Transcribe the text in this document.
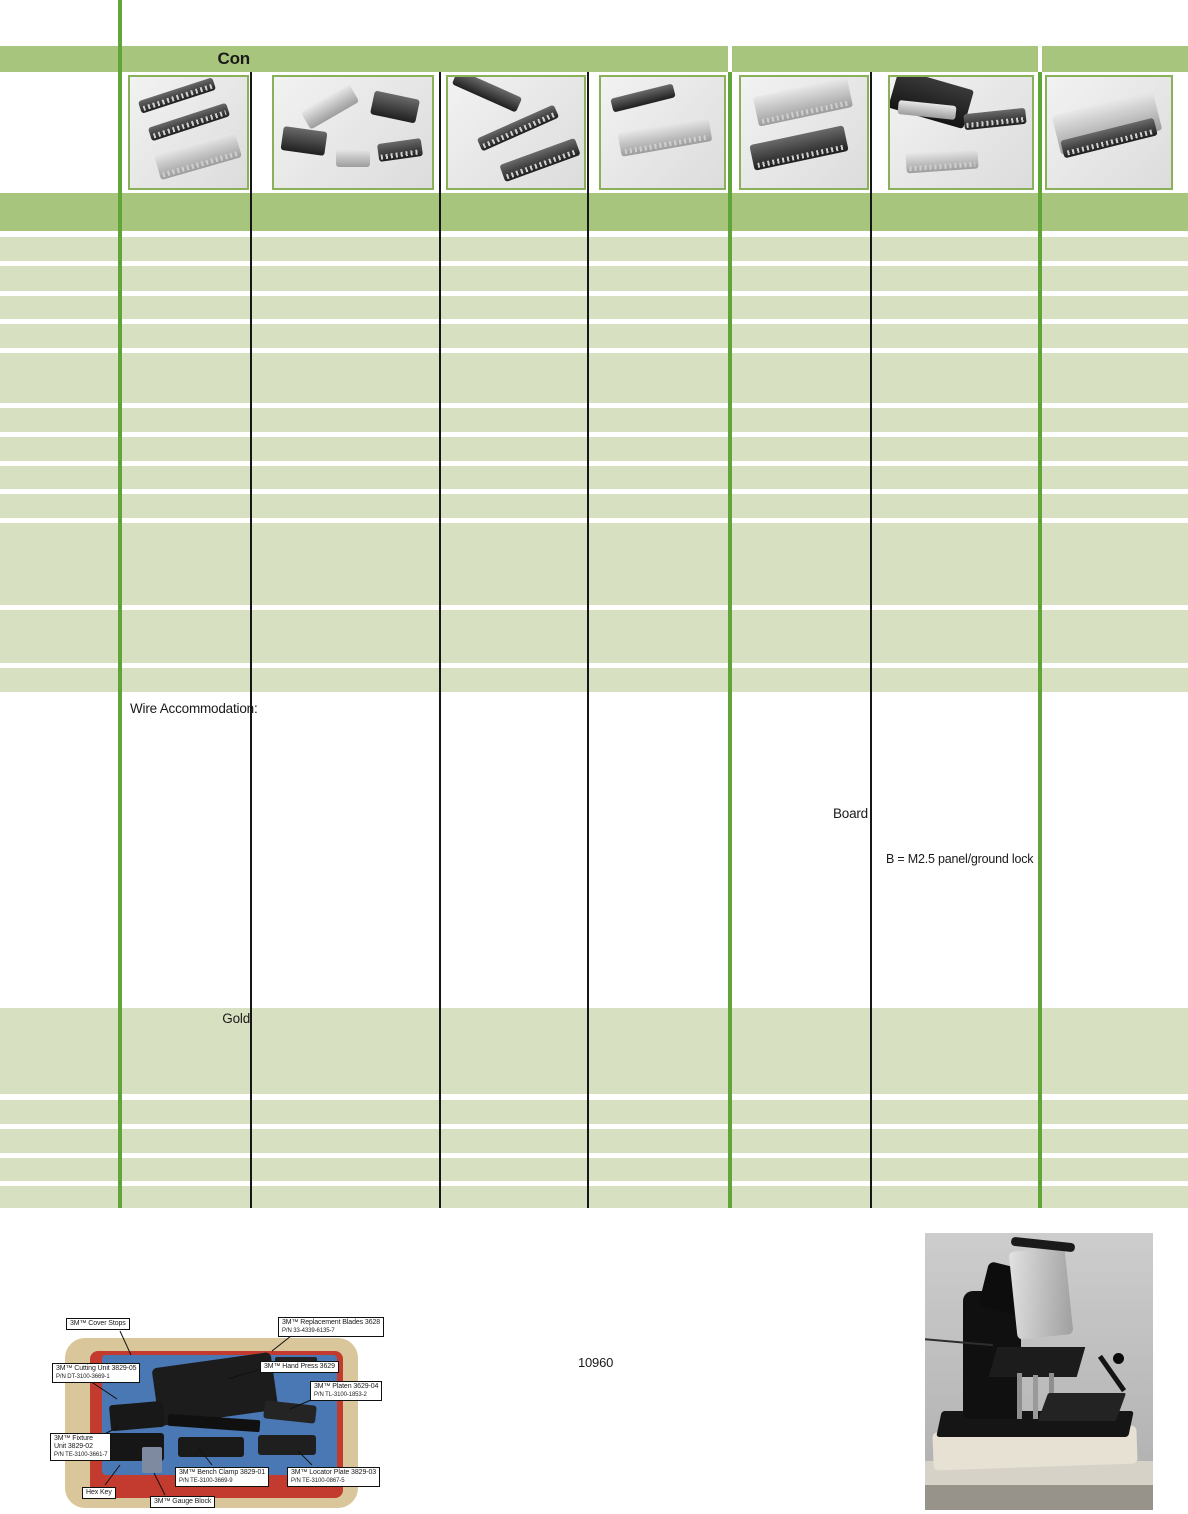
Con
Wire Accommodation:
Board
B = M2.5 panel/ground lock
Gold
10960
3M™ Cover Stops	3M™ Replacement Blades 3628
P/N 33-4339-6135-7
3M™ Hand Press 3629
3M™ Cutting Unit 3829-05
P/N DT-3100-3669-1
3M™ Platen 3629-04
P/N TL-3100-1853-2
3M™ Fixture
Unit 3829-02
P/N TE-3100-3661-7
Hex Key
3M™ Gauge Block
3M™ Bench Clamp 3829-01
P/N TE-3100-3669-9
3M™ Locator Plate 3829-03
P/N TE-3100-0867-5
